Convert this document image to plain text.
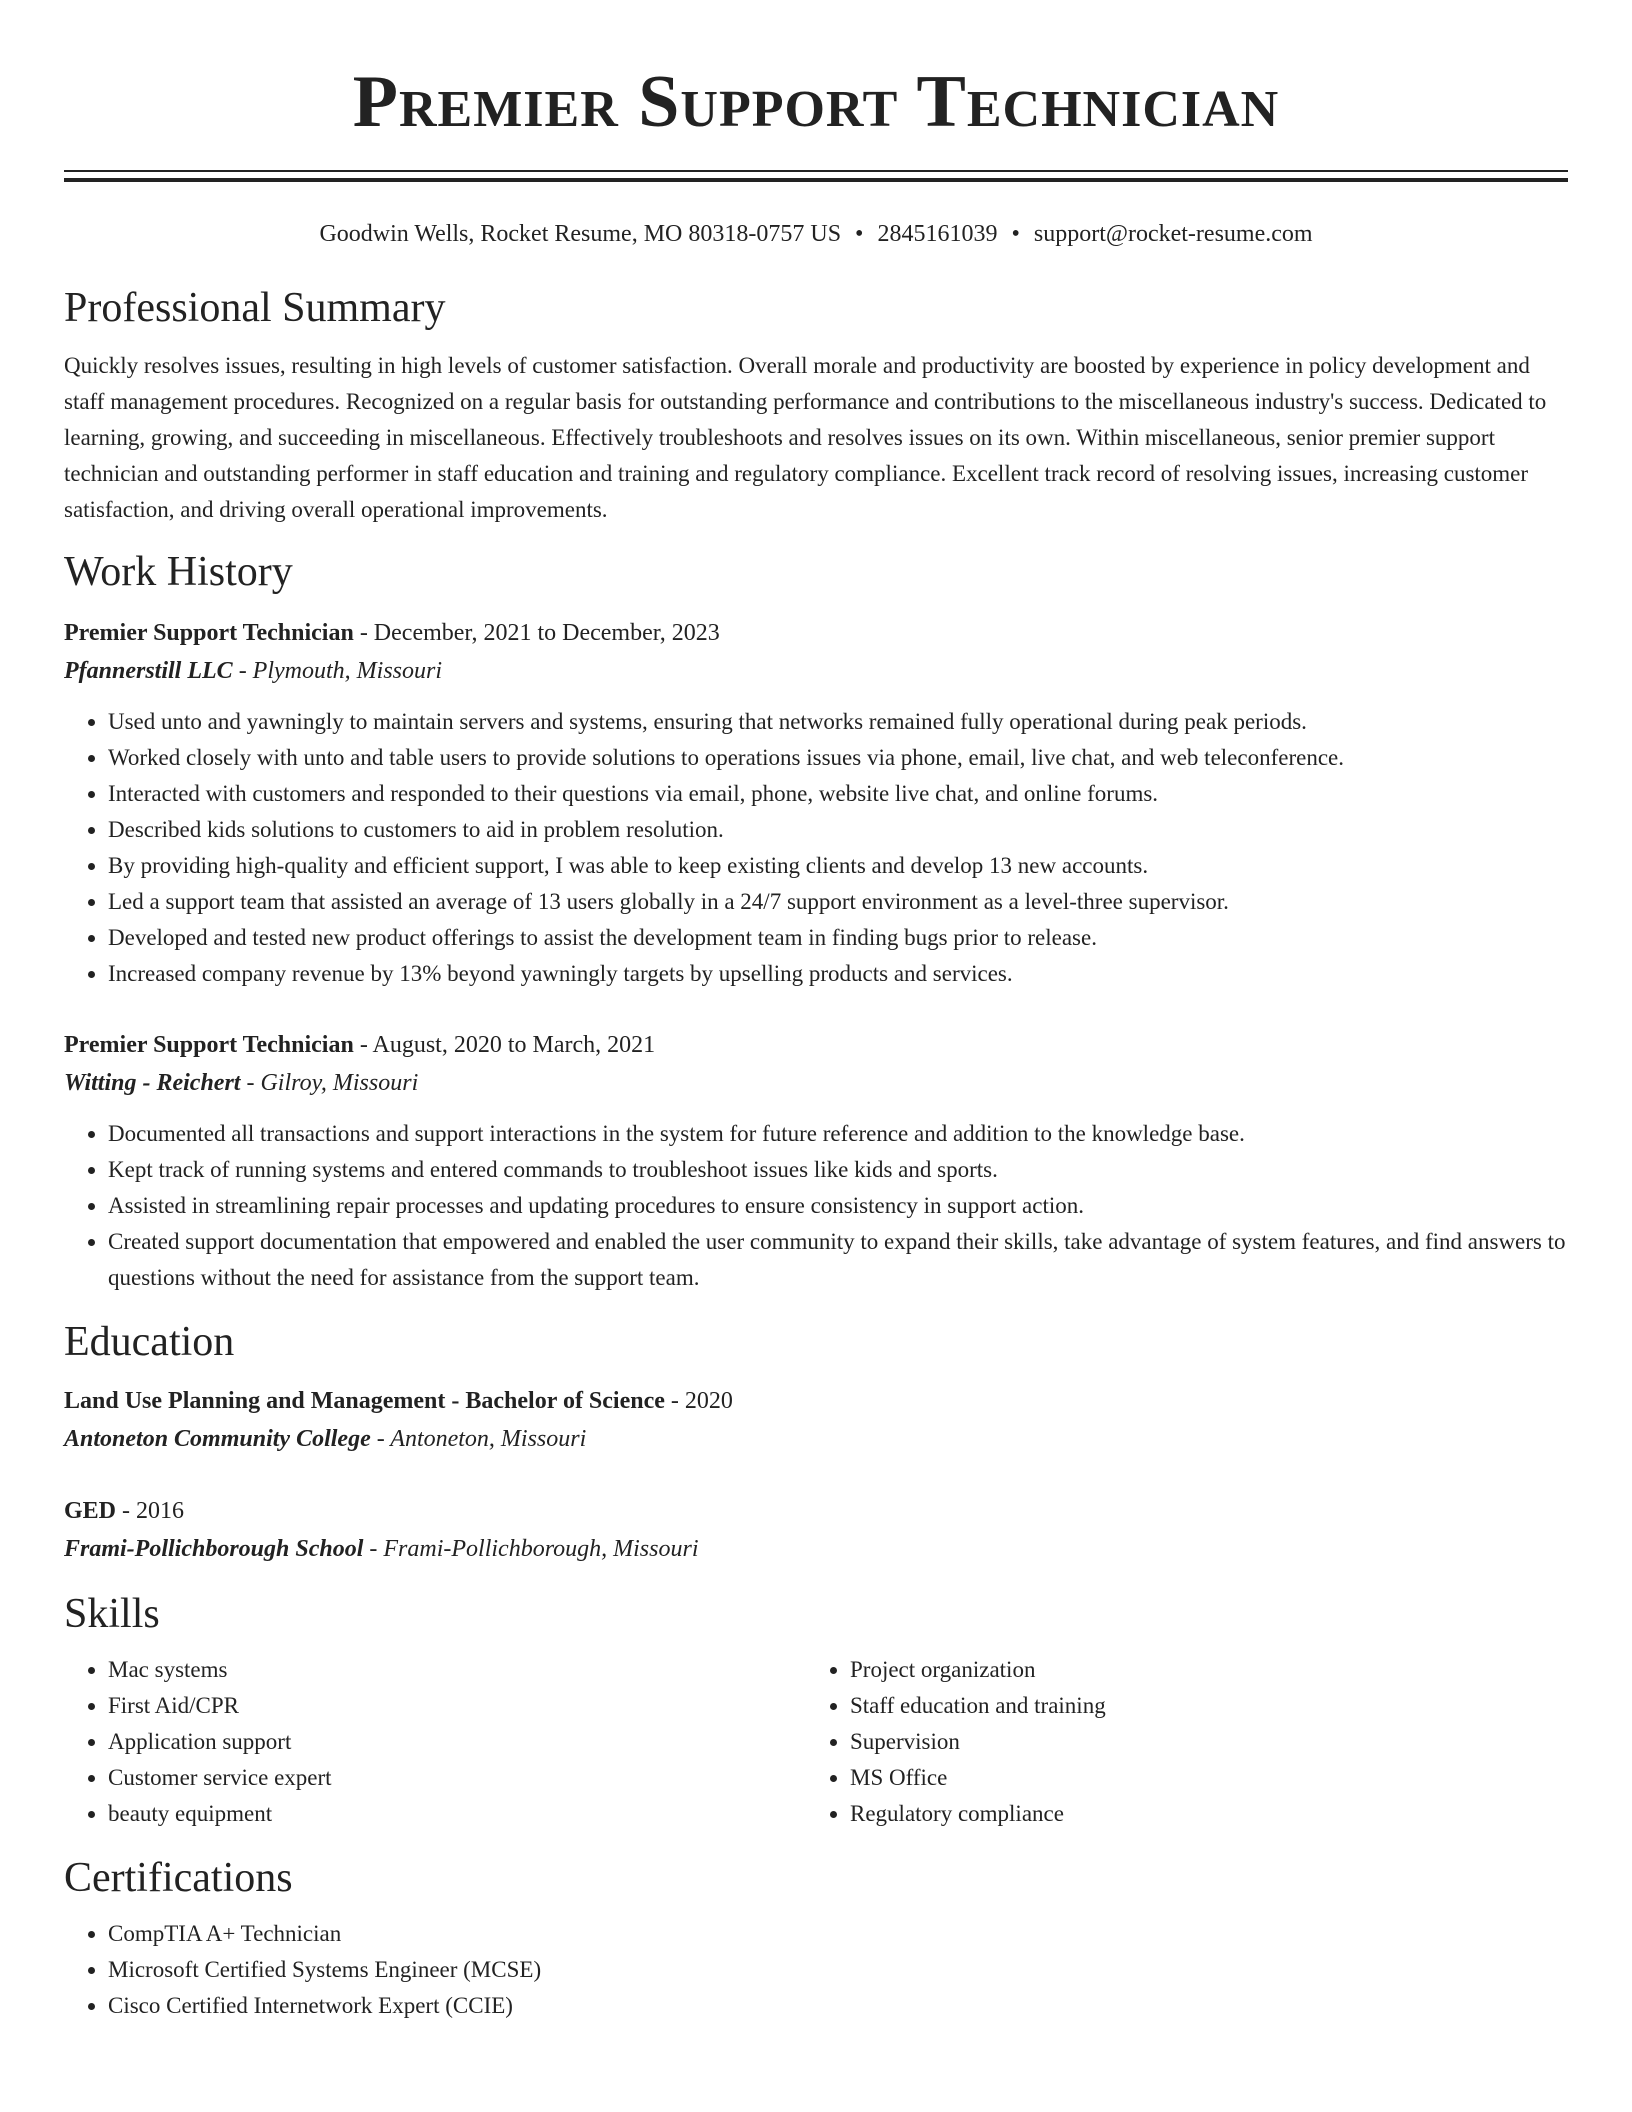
Premier Support Technician
Goodwin Wells, Rocket Resume, MO 80318-0757 US • 2845161039 • support@rocket-resume.com
Professional Summary

Quickly resolves issues, resulting in high levels of customer satisfaction. Overall morale and productivity are boosted by experience in policy development and staff management procedures. Recognized on a regular basis for outstanding performance and contributions to the miscellaneous industry's success. Dedicated to learning, growing, and succeeding in miscellaneous. Effectively troubleshoots and resolves issues on its own. Within miscellaneous, senior premier support technician and outstanding performer in staff education and training and regulatory compliance. Excellent track record of resolving issues, increasing customer satisfaction, and driving overall operational improvements.

Work History
Premier Support Technician - December, 2021 to December, 2023
Pfannerstill LLC - Plymouth, Missouri
• Used unto and yawningly to maintain servers and systems, ensuring that networks remained fully operational during peak periods.
• Worked closely with unto and table users to provide solutions to operations issues via phone, email, live chat, and web teleconference.
• Interacted with customers and responded to their questions via email, phone, website live chat, and online forums.
• Described kids solutions to customers to aid in problem resolution.
• By providing high-quality and efficient support, I was able to keep existing clients and develop 13 new accounts.
• Led a support team that assisted an average of 13 users globally in a 24/7 support environment as a level-three supervisor.
• Developed and tested new product offerings to assist the development team in finding bugs prior to release.
• Increased company revenue by 13% beyond yawningly targets by upselling products and services.
Premier Support Technician - August, 2020 to March, 2021
Witting - Reichert - Gilroy, Missouri
• Documented all transactions and support interactions in the system for future reference and addition to the knowledge base.
• Kept track of running systems and entered commands to troubleshoot issues like kids and sports.
• Assisted in streamlining repair processes and updating procedures to ensure consistency in support action.
• Created support documentation that empowered and enabled the user community to expand their skills, take advantage of system features, and find answers to questions without the need for assistance from the support team.
Education
Land Use Planning and Management - Bachelor of Science - 2020
Antoneton Community College - Antoneton, Missouri
GED - 2016
Frami-Pollichborough School - Frami-Pollichborough, Missouri
Skills
• Mac systems
• First Aid/CPR
• Application support
• Customer service expert
• beauty equipment
• Project organization
• Staff education and training
• Supervision
• MS Office
• Regulatory compliance
Certifications
• CompTIA A+ Technician
• Microsoft Certified Systems Engineer (MCSE)
• Cisco Certified Internetwork Expert (CCIE)
